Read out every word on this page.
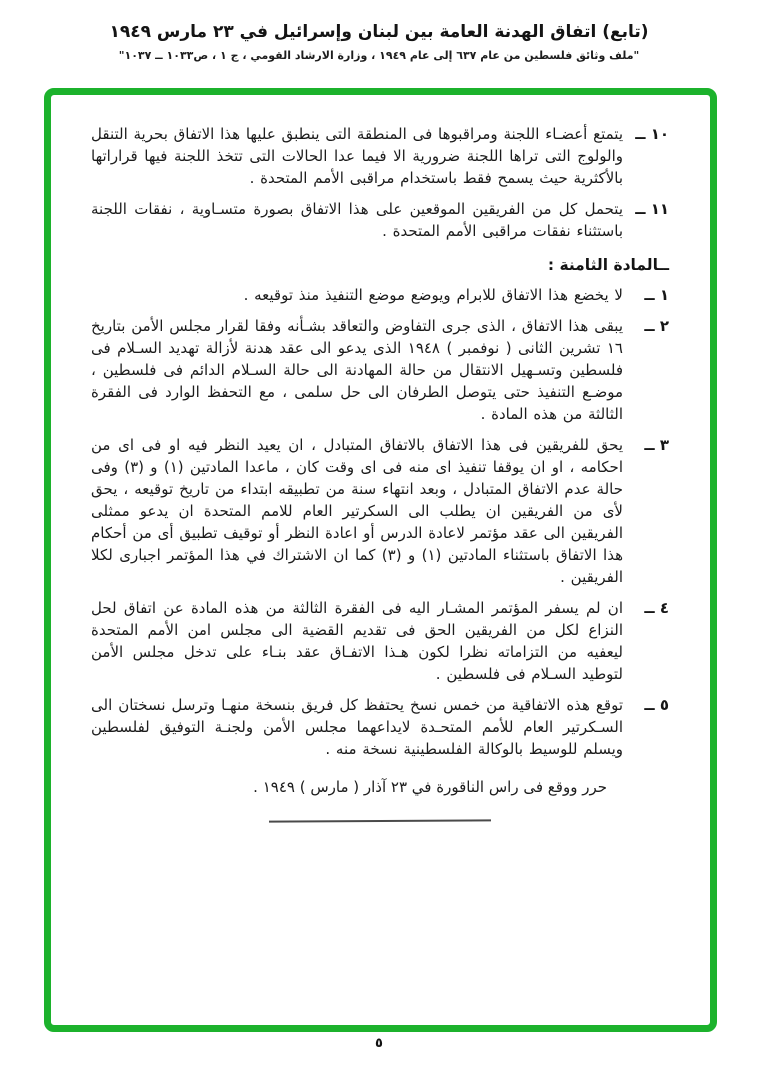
(تابع) اتفاق الهدنة العامة بين لبنان وإسرائيل في ٢٣ مارس ١٩٤٩
"ملف وثائق فلسطين من عام ٦٣٧ إلى عام ١٩٤٩ ، وزارة الارشاد القومي ، ج ١ ، ص١٠٣٣ ــ ١٠٣٧"
١٠ ــ

يتمتع أعضـاء اللجنة ومراقبوها فى المنطقة التى ينطبق عليها هذا الاتفاق بحرية التنقل والولوج التى تراها اللجنة ضرورية الا فيما عدا الحالات التى تتخذ اللجنة فيها قراراتها بالأكثرية حيث يسمح فقط باستخدام مراقبى الأمم المتحدة .

١١ ــ

يتحمل كل من الفريقين الموقعين على هذا الاتفاق بصورة متسـاوية ، نفقات اللجنة باستثناء نفقات مراقبى الأمم المتحدة .

ــالمادة الثامنة :
١ ــ

لا يخضع هذا الاتفاق للابرام ويوضع موضع التنفيذ منذ توقيعه .

٢ ــ

يبقى هذا الاتفاق ، الذى جرى التفاوض والتعاقد بشـأنه وفقا لقرار مجلس الأمن بتاريخ ١٦ تشرين الثانى ( نوفمبر ) ١٩٤٨ الذى يدعو الى عقد هدنة لأزالة تهديد السـلام فى فلسطين وتسـهيل الانتقال من حالة المهادنة الى حالة السـلام الدائم فى فلسطين ، موضـع التنفيذ حتى يتوصل الطرفان الى حل سلمى ، مع التحفظ الوارد فى الفقرة الثالثة من هذه المادة .

٣ ــ

يحق للفريقين فى هذا الاتفاق بالاتفاق المتبادل ، ان يعيد النظر فيه او فى اى من احكامه ، او ان يوقفا تنفيذ اى منه فى اى وقت كان ، ماعدا المادتين (١) و (٣) وفى حالة عدم الاتفاق المتبادل ، وبعد انتهاء سنة من تطبيقه ابتداء من تاريخ توقيعه ، يحق لأى من الفريقين ان يطلب الى السكرتير العام للامم المتحدة ان يدعو ممثلى الفريقين الى عقد مؤتمر لاعادة الدرس أو اعادة النظر أو توقيف تطبيق أى من أحكام هذا الاتفاق باستثناء المادتين (١) و (٣) كما ان الاشتراك في هذا المؤتمر اجبارى لكلا الفريقين .

٤ ــ

ان لم يسفر المؤتمر المشـار اليه فى الفقرة الثالثة من هذه المادة عن اتفاق لحل النزاع لكل من الفريقين الحق فى تقديم القضية الى مجلس امن الأمم المتحدة ليعفيه من التزاماته نظرا لكون هـذا الاتفـاق عقد بنـاء على تدخل مجلس الأمن لتوطيد السـلام فى فلسطين .

٥ ــ

توقع هذه الاتفاقية من خمس نسخ يحتفظ كل فريق بنسخة منهـا وترسل نسختان الى السـكرتير العام للأمم المتحـدة لايداعهما مجلس الأمن ولجنـة التوفيق لفلسطين ويسلم للوسيط بالوكالة الفلسطينية نسخة منه .

حرر ووقع فى راس الناقورة في ٢٣ آذار ( مارس ) ١٩٤٩ .

٥
